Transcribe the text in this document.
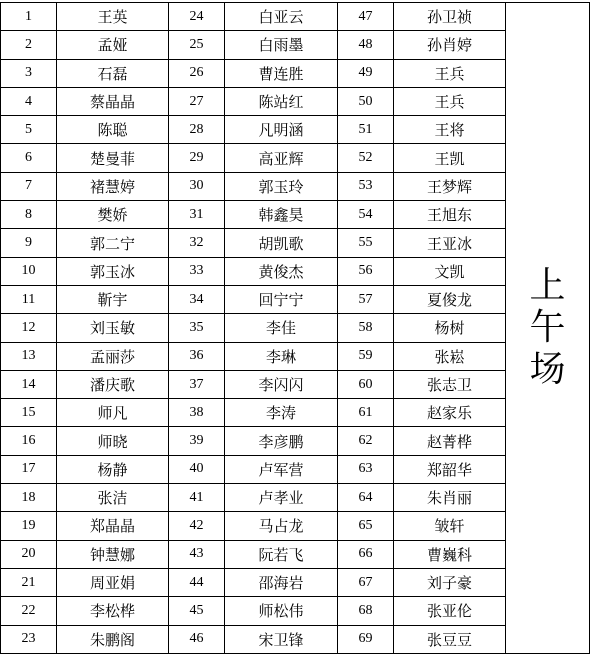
1	王英	24	白亚云	47	孙卫祯	上午场
2	孟娅	25	白雨墨	48	孙肖婷	
3	石磊	26	曹连胜	49	王兵	
4	蔡晶晶	27	陈站红	50	王兵	
5	陈聪	28	凡明涵	51	王将	
6	楚曼菲	29	高亚辉	52	王凯	
7	褚慧婷	30	郭玉玲	53	王梦辉	
8	樊娇	31	韩鑫昊	54	王旭东	
9	郭二宁	32	胡凯歌	55	王亚冰	
10	郭玉冰	33	黄俊杰	56	文凯	
11	靳宇	34	回宁宁	57	夏俊龙	
12	刘玉敏	35	李佳	58	杨树	
13	孟丽莎	36	李琳	59	张崧	
14	潘庆歌	37	李闪闪	60	张志卫	
15	师凡	38	李涛	61	赵家乐	
16	师晓	39	李彦鹏	62	赵菁桦	
17	杨静	40	卢军营	63	郑韶华	
18	张洁	41	卢孝业	64	朱肖丽	
19	郑晶晶	42	马占龙	65	皱轩	
20	钟慧娜	43	阮若飞	66	曹巍科	
21	周亚娟	44	邵海岩	67	刘子豪	
22	李松桦	45	师松伟	68	张亚伦	
23	朱鹏阁	46	宋卫锋	69	张豆豆	
